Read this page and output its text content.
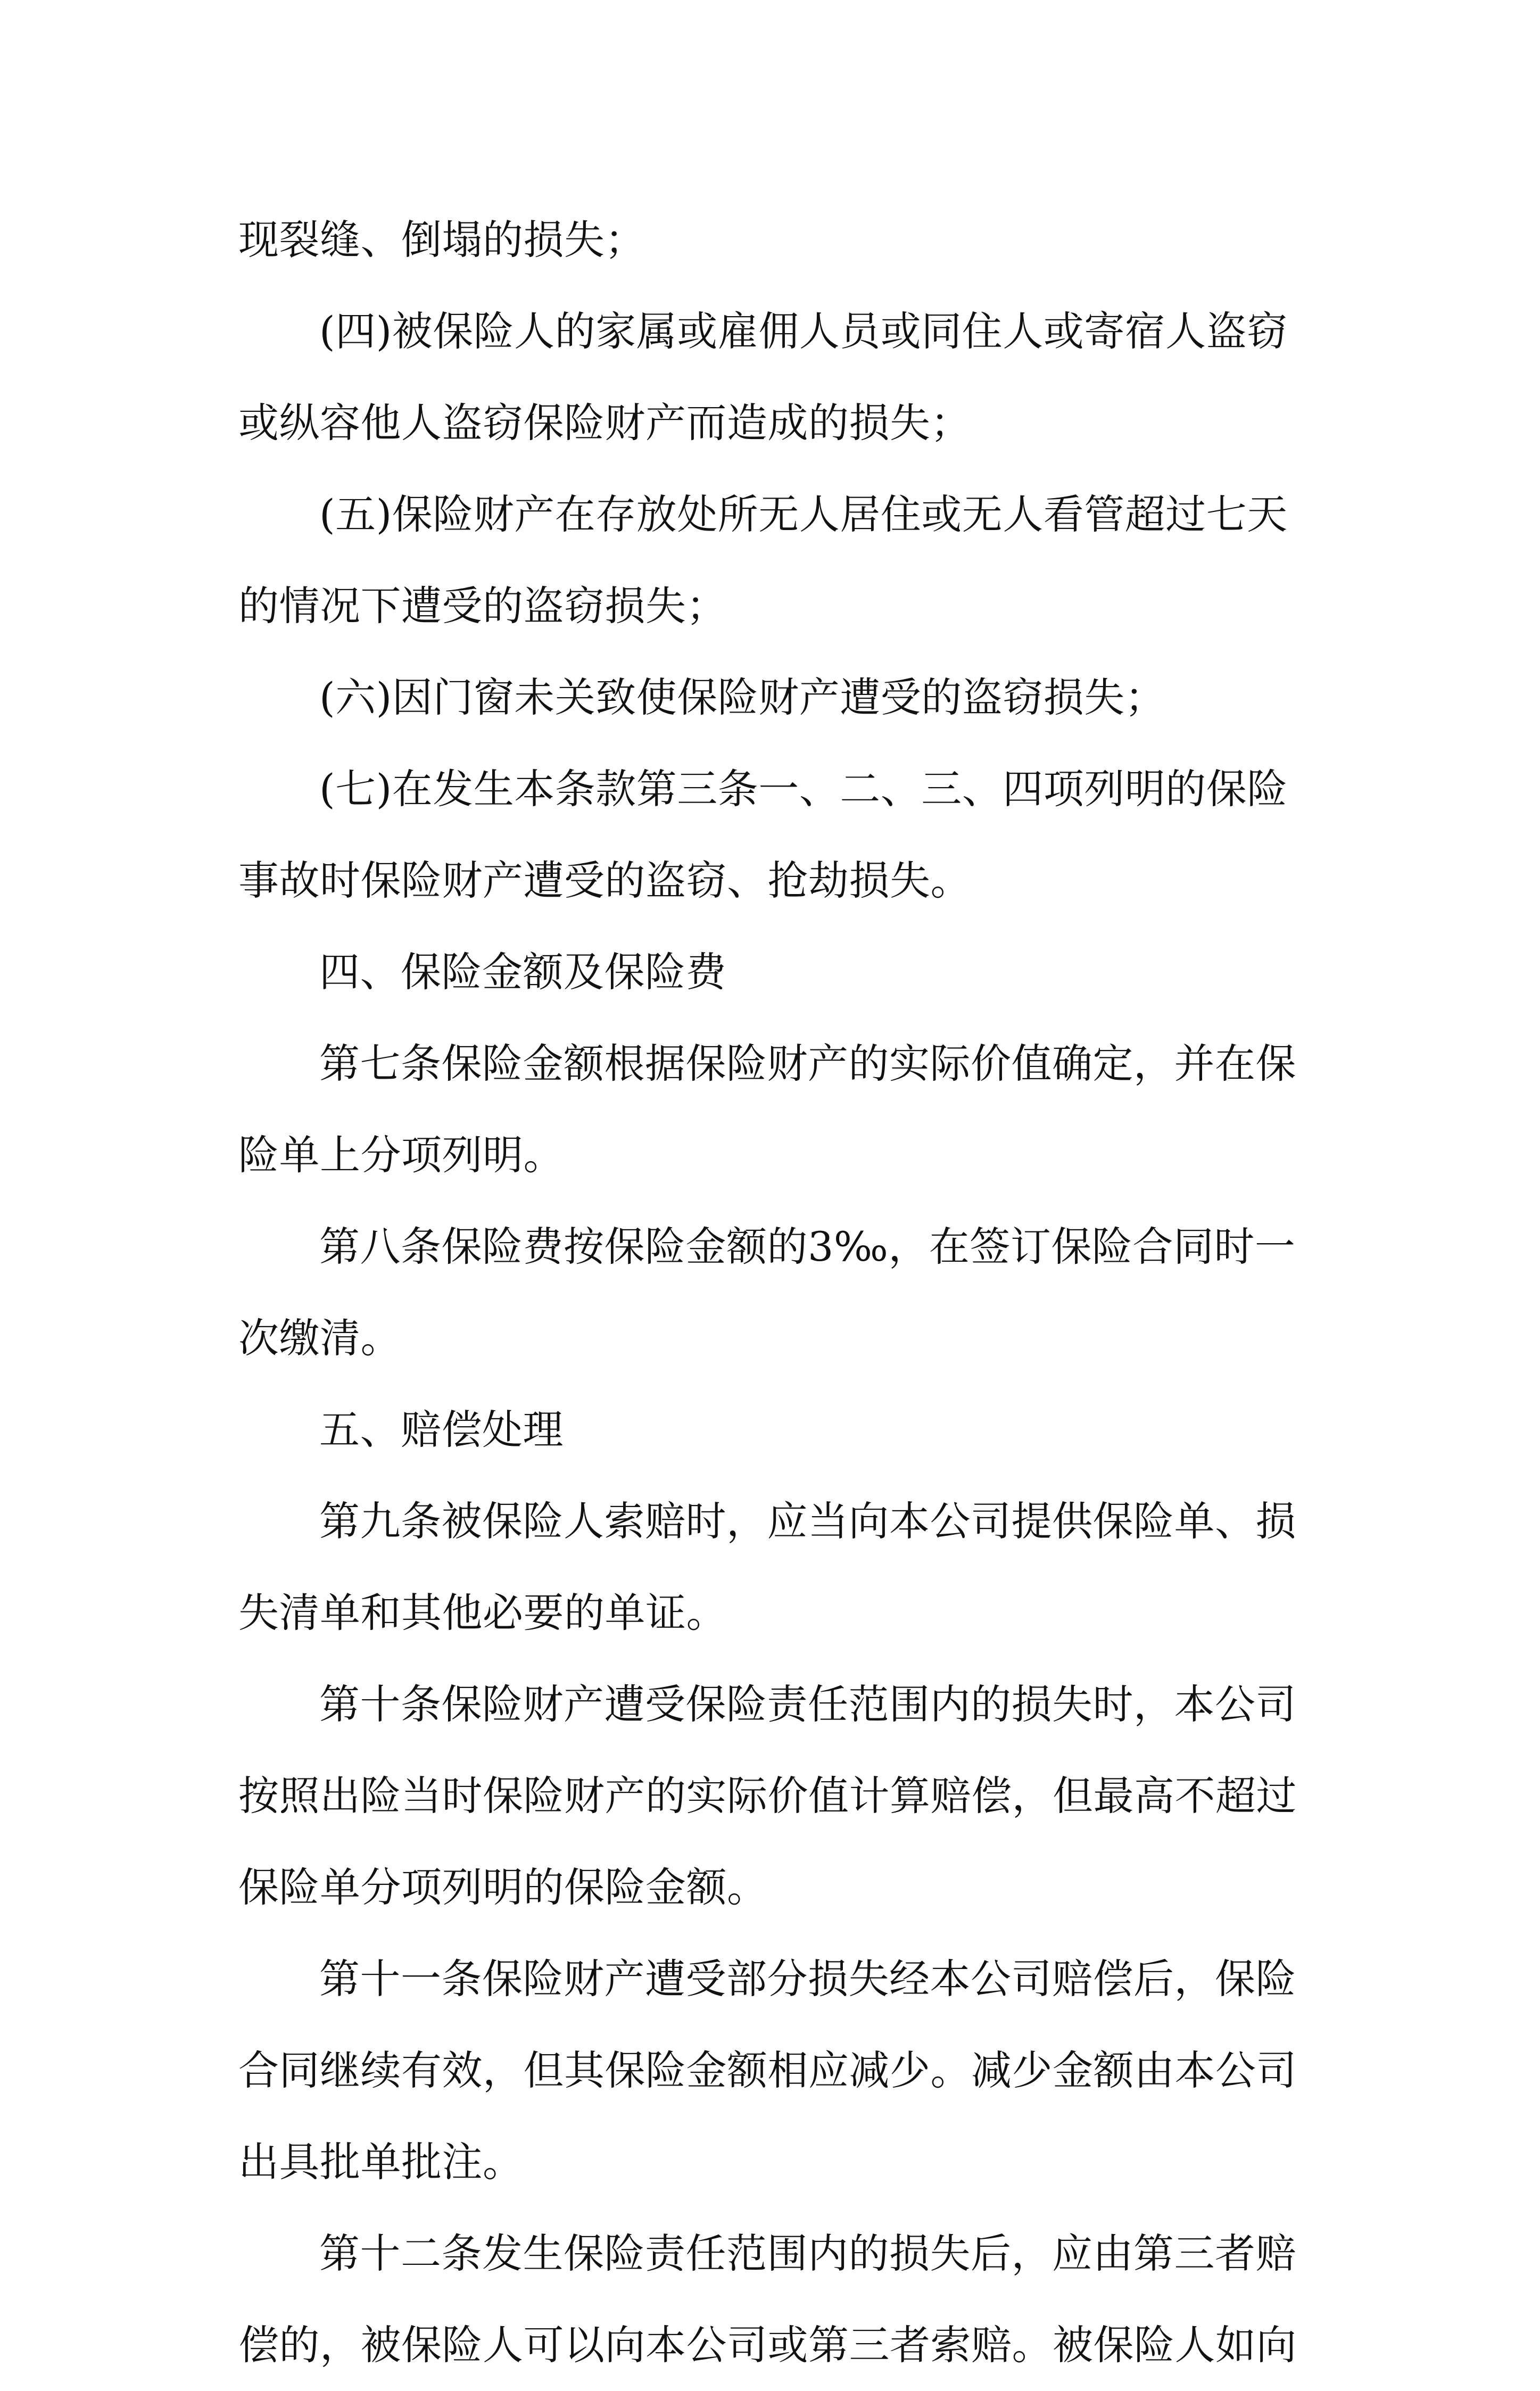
现裂缝、倒塌的损失；
(四)被保险人的家属或雇佣人员或同住人或寄宿人盗窃
或纵容他人盗窃保险财产而造成的损失；
(五)保险财产在存放处所无人居住或无人看管超过七天
的情况下遭受的盗窃损失；
(六)因门窗未关致使保险财产遭受的盗窃损失；
(七)在发生本条款第三条一、二、三、四项列明的保险
事故时保险财产遭受的盗窃、抢劫损失。
四、保险金额及保险费
第七条保险金额根据保险财产的实际价值确定，并在保
险单上分项列明。
第八条保险费按保险金额的3‰，在签订保险合同时一
次缴清。
五、赔偿处理
第九条被保险人索赔时，应当向本公司提供保险单、损
失清单和其他必要的单证。
第十条保险财产遭受保险责任范围内的损失时，本公司
按照出险当时保险财产的实际价值计算赔偿，但最高不超过
保险单分项列明的保险金额。
第十一条保险财产遭受部分损失经本公司赔偿后，保险
合同继续有效，但其保险金额相应减少。减少金额由本公司
出具批单批注。
第十二条发生保险责任范围内的损失后，应由第三者赔
偿的，被保险人可以向本公司或第三者索赔。被保险人如向
